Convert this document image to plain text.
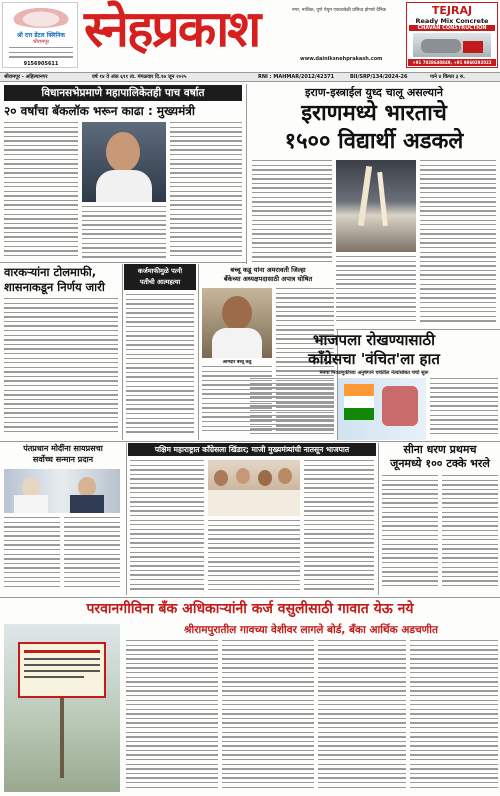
श्री दत्त डेंटल क्लिनिक
श्रीरामपूर
9156905611
स्नेहप्रकाश	नगर, नाशिक, पुणे येथून एकाचवेळी प्रसिध्द होणारे दैनिक
www.dainiksnehprakash.com
TEJRAJ
Ready Mix Concrete
CHAVAN CONSTRUCTION
+91 7028640849, +91 9860292022
श्रीरामपूर - अहिल्यानगर	वर्ष १४ वे अंक ६९१ ता. मंगळवार दि.१७ जून २०२५	RNI : MAHMAR/2012/42371	BII/SRP/134/2024-26	पाने ४ किंमत ३ रु.
विधानसभेप्रमाणे महापालिकेतही पाच वर्षात
२० वर्षांचा बॅकलॉक भरून काढा : मुख्यमंत्री
इराण-इस्त्राईल युध्द चालू असल्याने
इराणमध्ये भारताचे
१५०० विद्यार्थी अडकले
वारकऱ्यांना टोलमाफी,
शासनाकडून निर्णय जारी
कर्जमाफीमुळे पत्नी
पतीची आत्महत्या
बच्चू कडू यांना अमरावती जिल्हा
बँकेच्या अध्यक्षपदासाठी अपात्र घोषित
आमदार बच्चू कडू
भाजपला रोखण्यासाठी
काँग्रेसचा 'वंचित'ला हात
मनपा निवडणुकीच्या अनुषंगाने चर्चेतील नेत्यांसोबत चर्चा सुरू
पंतप्रधान मोदींना सायप्रसचा
सर्वोच्च सन्मान प्रदान
पक्षिम महाराष्ट्रात काँग्रेसला खिंडार; माजी मुख्यमंत्र्यांची नातसून भाजपात	सीना धरण प्रथमच
जूनमध्ये १०० टक्के भरले
परवानगीविना बँक अधिकाऱ्यांनी कर्ज वसुलीसाठी गावात येऊ नये
श्रीरामपुरातील गावच्या वेशीवर लागले बोर्ड, बँका आर्थिक अडचणीत
